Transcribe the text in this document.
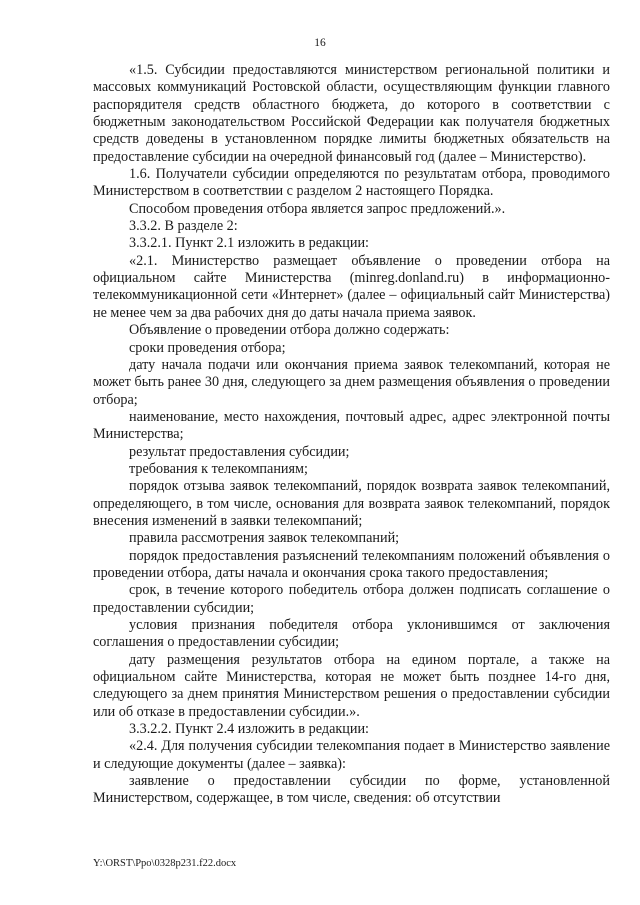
16

«1.5. Субсидии предоставляются министерством региональной политики и массовых коммуникаций Ростовской области, осуществляющим функции главного распорядителя средств областного бюджета, до которого в соответствии с бюджетным законодательством Российской Федерации как получателя бюджетных средств доведены в установленном порядке лимиты бюджетных обязательств на предоставление субсидии на очередной финансовый год (далее – Министерство).

1.6. Получатели субсидии определяются по результатам отбора, проводимого Министерством в соответствии с разделом 2 настоящего Порядка.

Способом проведения отбора является запрос предложений.».

3.3.2. В разделе 2:

3.3.2.1. Пункт 2.1 изложить в редакции:

«2.1. Министерство размещает объявление о проведении отбора на официальном сайте Министерства (minreg.donland.ru) в информационно-телекоммуникационной сети «Интернет» (далее – официальный сайт Министерства) не менее чем за два рабочих дня до даты начала приема заявок.

Объявление о проведении отбора должно содержать:

сроки проведения отбора;

дату начала подачи или окончания приема заявок телекомпаний, которая не может быть ранее 30 дня, следующего за днем размещения объявления о проведении отбора;

наименование, место нахождения, почтовый адрес, адрес электронной почты Министерства;

результат предоставления субсидии;

требования к телекомпаниям;

порядок отзыва заявок телекомпаний, порядок возврата заявок телекомпаний, определяющего, в том числе, основания для возврата заявок телекомпаний, порядок внесения изменений в заявки телекомпаний;

правила рассмотрения заявок телекомпаний;

порядок предоставления разъяснений телекомпаниям положений объявления о проведении отбора, даты начала и окончания срока такого предоставления;

срок, в течение которого победитель отбора должен подписать соглашение о предоставлении субсидии;

условия признания победителя отбора уклонившимся от заключения соглашения о предоставлении субсидии;

дату размещения результатов отбора на едином портале, а также на официальном сайте Министерства, которая не может быть позднее 14-го дня, следующего за днем принятия Министерством решения о предоставлении субсидии или об отказе в предоставлении субсидии.».

3.3.2.2. Пункт 2.4 изложить в редакции:

«2.4. Для получения субсидии телекомпания подает в Министерство заявление и следующие документы (далее – заявка):

заявление о предоставлении субсидии по форме, установленной Министерством, содержащее, в том числе, сведения: об отсутствии

Y:\ORST\Ppo\0328p231.f22.docx
